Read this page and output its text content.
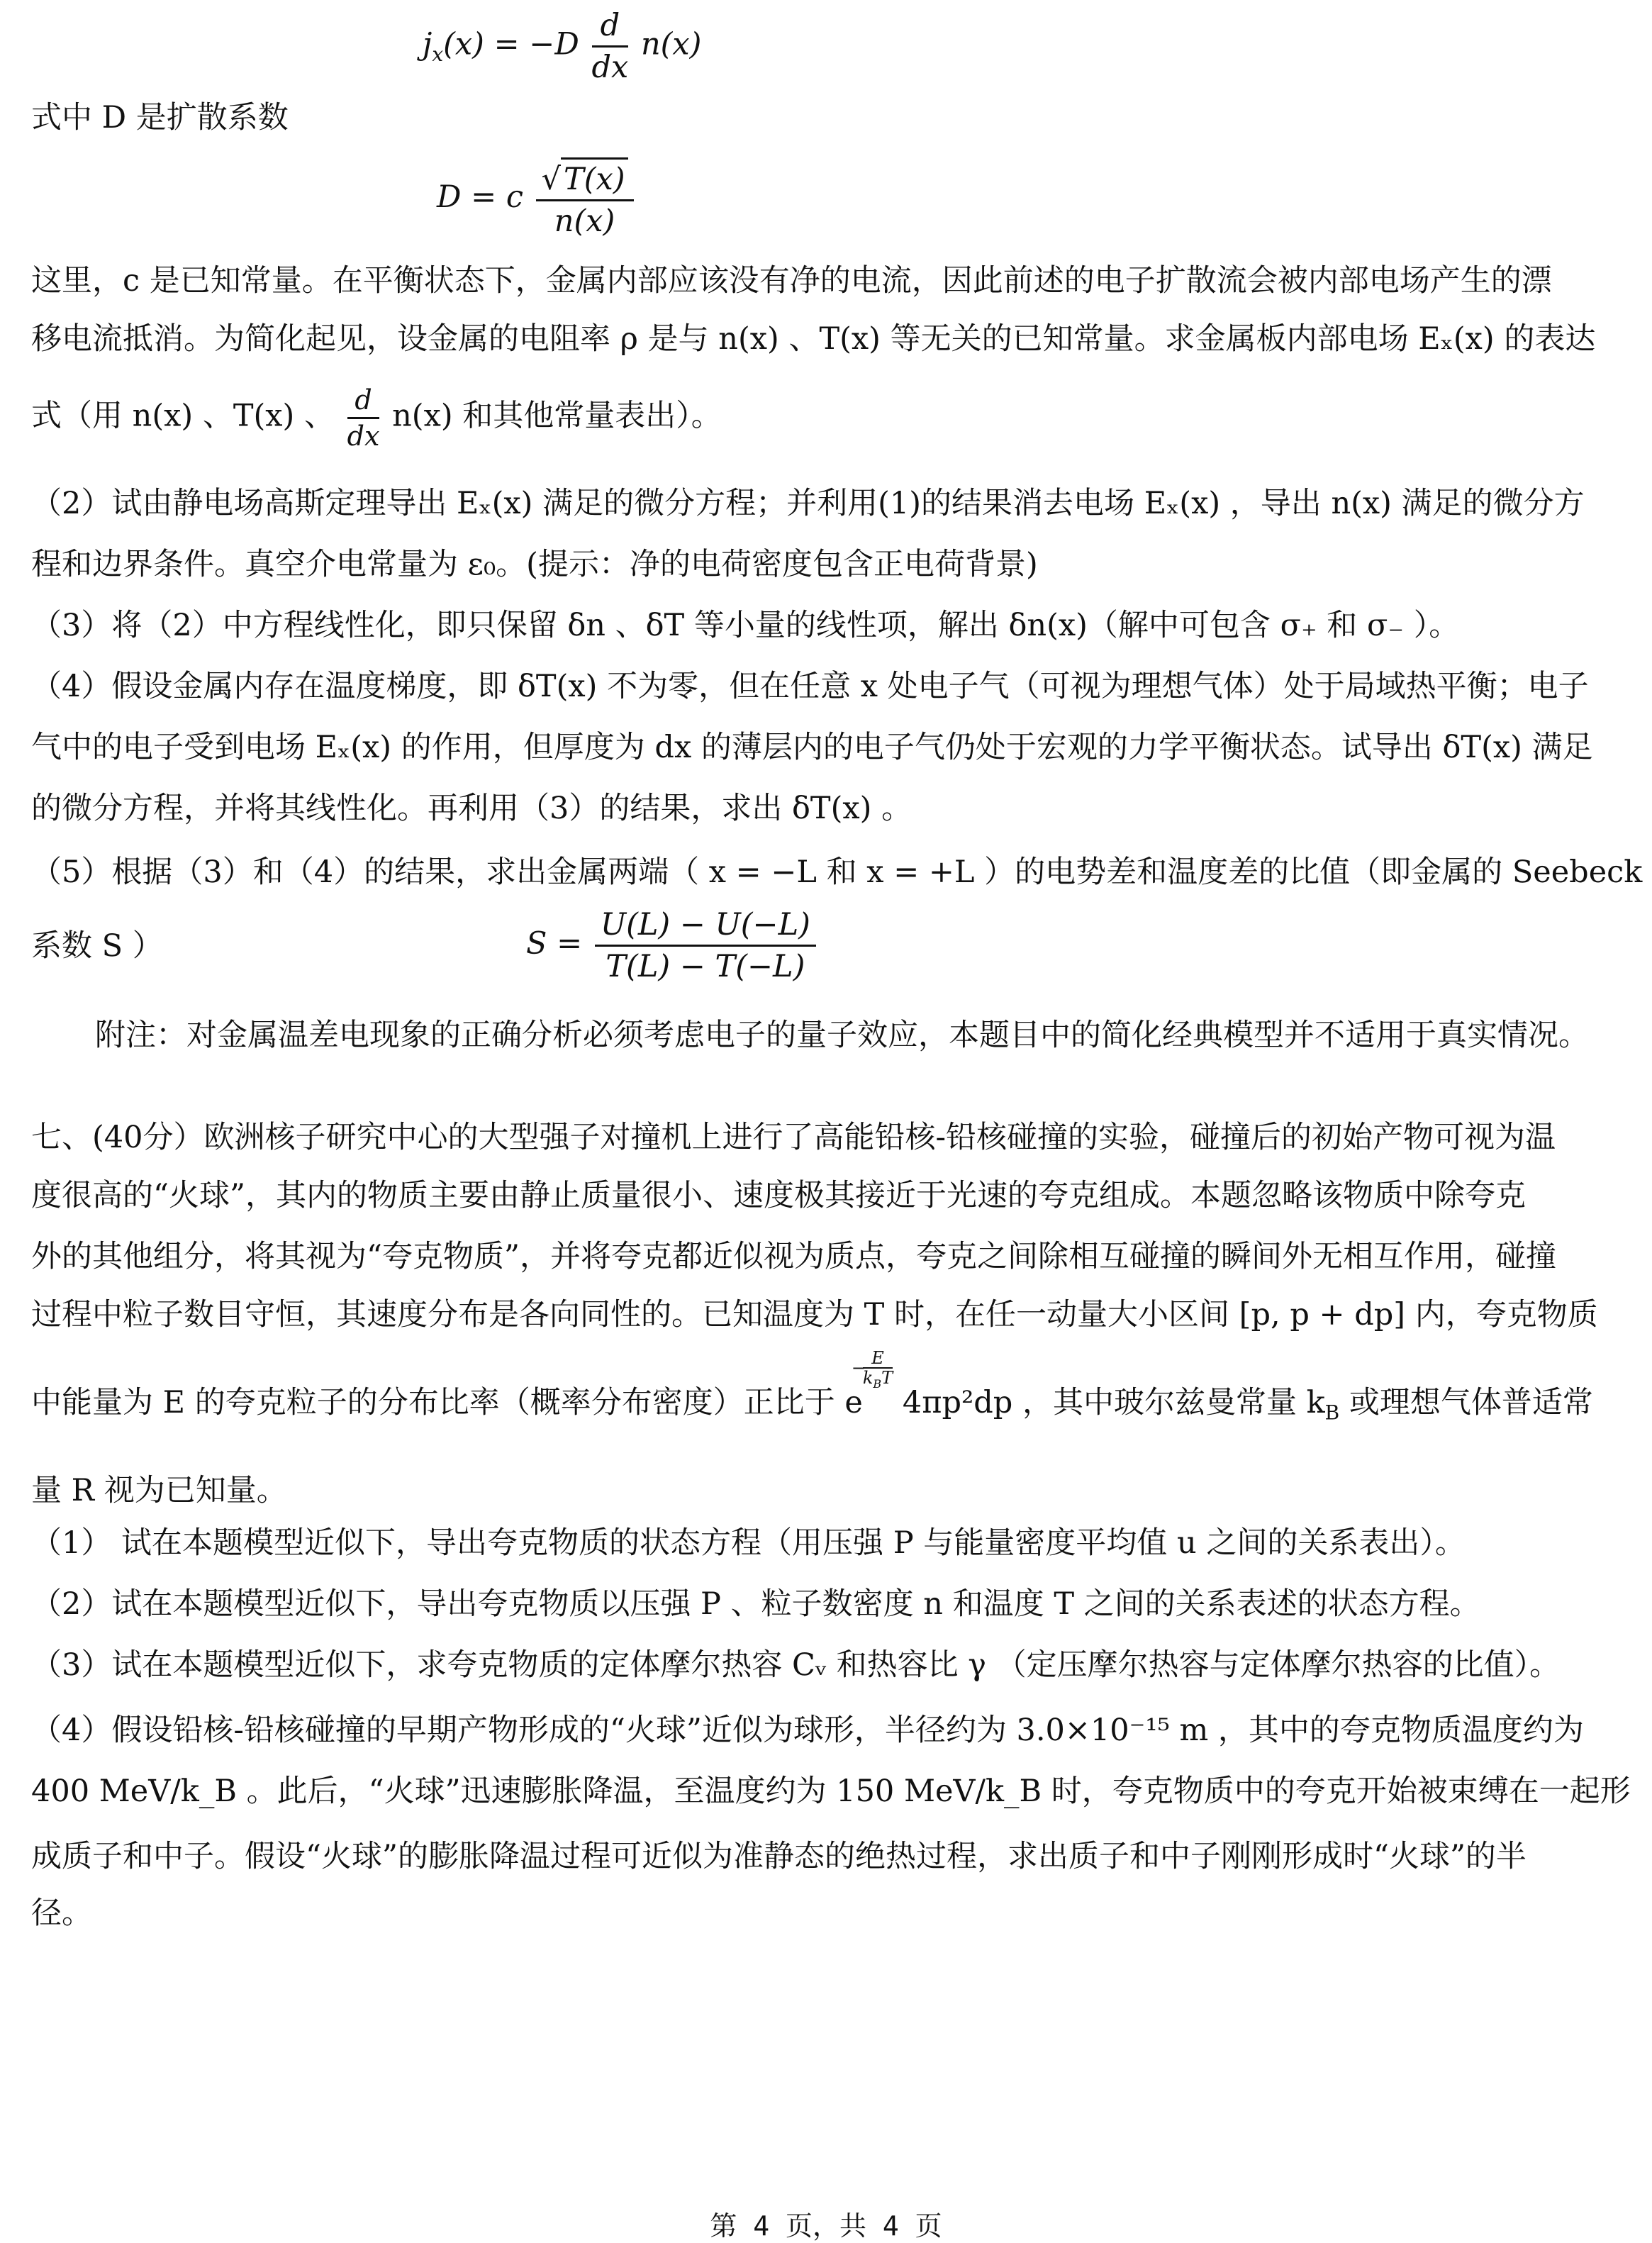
$j_x(x) = -D \frac{d}{dx} n(x)$
式中 D 是扩散系数
D = c $\frac{√T(x)}{n(x)}$
这里，c 是已知常量。在平衡状态下，金属内部应该没有净的电流，因此前述的电子扩散流会被内部电场产生的漂
移电流抵消。为简化起见，设金属的电阻率 ρ 是与 n(x) 、T(x) 等无关的已知常量。求金属板内部电场 Eₓ(x) 的表达
式（用 n(x) 、T(x) 、 $\frac{d}{dx} n(x)$ 和其他常量表出）。
（2）试由静电场高斯定理导出 Eₓ(x) 满足的微分方程；并利用(1)的结果消去电场 Eₓ(x) ，导出 n(x) 满足的微分方
程和边界条件。真空介电常量为 ε₀。(提示：净的电荷密度包含正电荷背景)
（3）将（2）中方程线性化，即只保留 δn 、δT 等小量的线性项，解出 δn(x)（解中可包含 σ₊ 和 σ₋ ）。
（4）假设金属内存在温度梯度，即 δT(x) 不为零，但在任意 x 处电子气（可视为理想气体）处于局域热平衡；电子
气中的电子受到电场 Eₓ(x) 的作用，但厚度为 dx 的薄层内的电子气仍处于宏观的力学平衡状态。试导出 δT(x) 满足
的微分方程，并将其线性化。再利用（3）的结果，求出 δT(x) 。
（5）根据（3）和（4）的结果，求出金属两端（ x = −L 和 x = +L ）的电势差和温度差的比值（即金属的 Seebeck
系数 S ）	$S = \frac{U(L) - U(-L)}{T(L) - T(-L)}$
附注：对金属温差电现象的正确分析必须考虑电子的量子效应，本题目中的简化经典模型并不适用于真实情况。
七、(40分）欧洲核子研究中心的大型强子对撞机上进行了高能铅核-铅核碰撞的实验，碰撞后的初始产物可视为温
度很高的“火球”，其内的物质主要由静止质量很小、速度极其接近于光速的夸克组成。本题忽略该物质中除夸克
外的其他组分，将其视为“夸克物质”，并将夸克都近似视为质点，夸克之间除相互碰撞的瞬间外无相互作用，碰撞
过程中粒子数目守恒，其速度分布是各向同性的。已知温度为 T 时，在任一动量大小区间 [p, p + dp] 内，夸克物质
中能量为 E 的夸克粒子的分布比率（概率分布密度）正比于 e
− E
$k_BT$
4πp²dp ，其中玻尔兹曼常量 $k_B$ 或理想气体普适常
量 R 视为已知量。
（1） 试在本题模型近似下，导出夸克物质的状态方程（用压强 P 与能量密度平均值 u 之间的关系表出）。
（2）试在本题模型近似下，导出夸克物质以压强 P 、粒子数密度 n 和温度 T 之间的关系表述的状态方程。
（3）试在本题模型近似下，求夸克物质的定体摩尔热容 Cᵥ 和热容比 γ （定压摩尔热容与定体摩尔热容的比值）。
（4）假设铅核-铅核碰撞的早期产物形成的“火球”近似为球形，半径约为 3.0×10⁻¹⁵ m ，其中的夸克物质温度约为
400 MeV/k_B 。此后，“火球”迅速膨胀降温，至温度约为 150 MeV/k_B 时，夸克物质中的夸克开始被束缚在一起形
成质子和中子。假设“火球”的膨胀降温过程可近似为准静态的绝热过程，求出质子和中子刚刚形成时“火球”的半
径。
第 4 页，共 4 页
